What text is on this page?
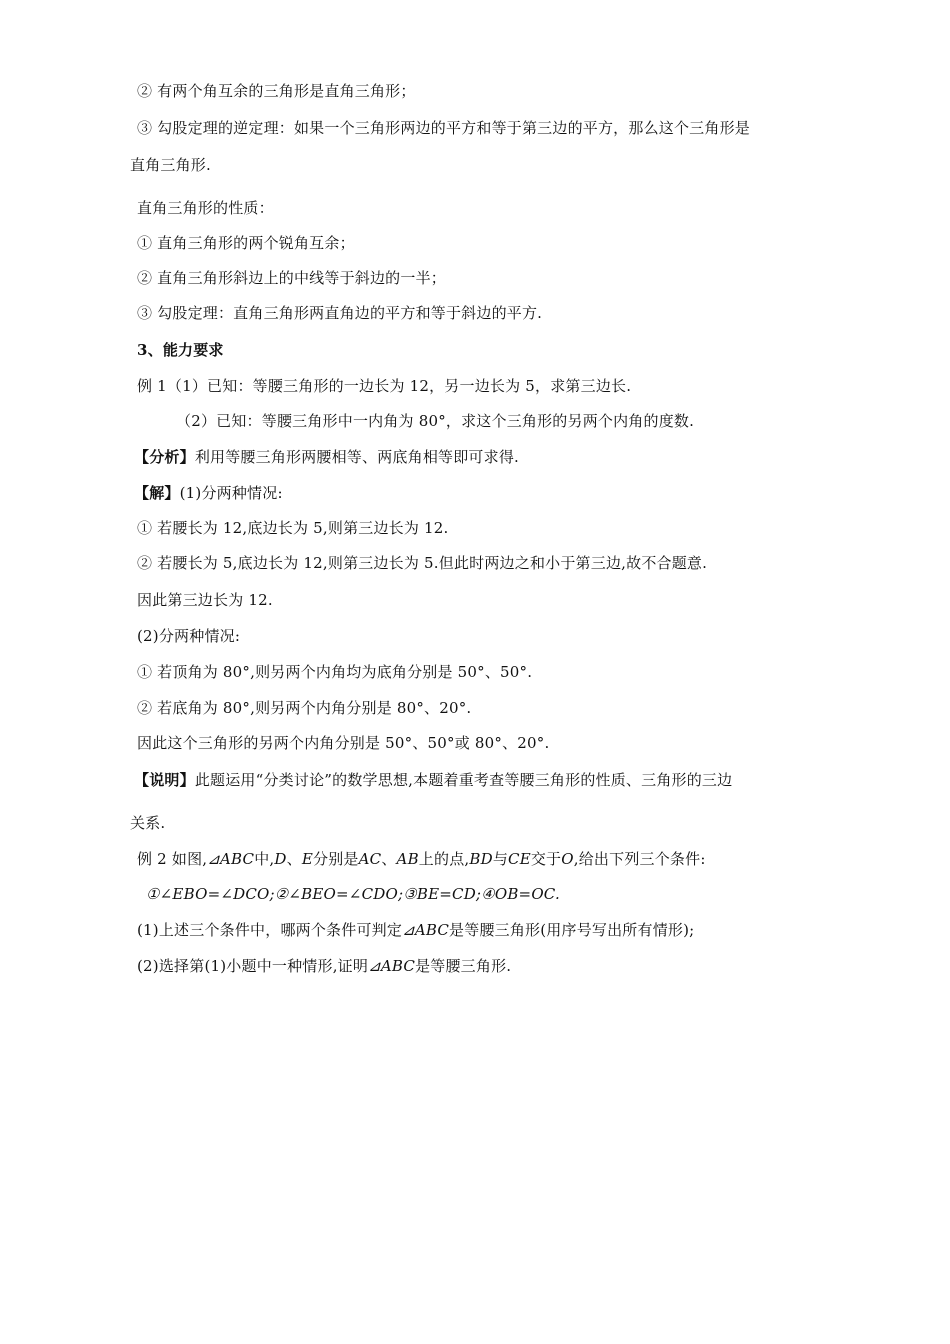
② 有两个角互余的三角形是直角三角形；
③ 勾股定理的逆定理：如果一个三角形两边的平方和等于第三边的平方，那么这个三角形是
直角三角形.
直角三角形的性质：
① 直角三角形的两个锐角互余；
② 直角三角形斜边上的中线等于斜边的一半；
③ 勾股定理：直角三角形两直角边的平方和等于斜边的平方.
3、能力要求
例 1（1）已知：等腰三角形的一边长为 12，另一边长为 5，求第三边长.
（2）已知：等腰三角形中一内角为 80°，求这个三角形的另两个内角的度数.
【分析】利用等腰三角形两腰相等、两底角相等即可求得.
【解】(1)分两种情况:
① 若腰长为 12,底边长为 5,则第三边长为 12.
② 若腰长为 5,底边长为 12,则第三边长为 5.但此时两边之和小于第三边,故不合题意.
因此第三边长为 12.
(2)分两种情况:
① 若顶角为 80°,则另两个内角均为底角分别是 50°、50°.
② 若底角为 80°,则另两个内角分别是 80°、20°.
因此这个三角形的另两个内角分别是 50°、50°或 80°、20°.
【说明】此题运用“分类讨论”的数学思想,本题着重考查等腰三角形的性质、三角形的三边
关系.
例 2 如图,⊿ABC中,D、E分别是AC、AB上的点,BD与CE交于O,给出下列三个条件:
①∠EBO=∠DCO;②∠BEO=∠CDO;③BE=CD;④OB=OC.
(1)上述三个条件中，哪两个条件可判定⊿ABC是等腰三角形(用序号写出所有情形);
(2)选择第(1)小题中一种情形,证明⊿ABC是等腰三角形.
